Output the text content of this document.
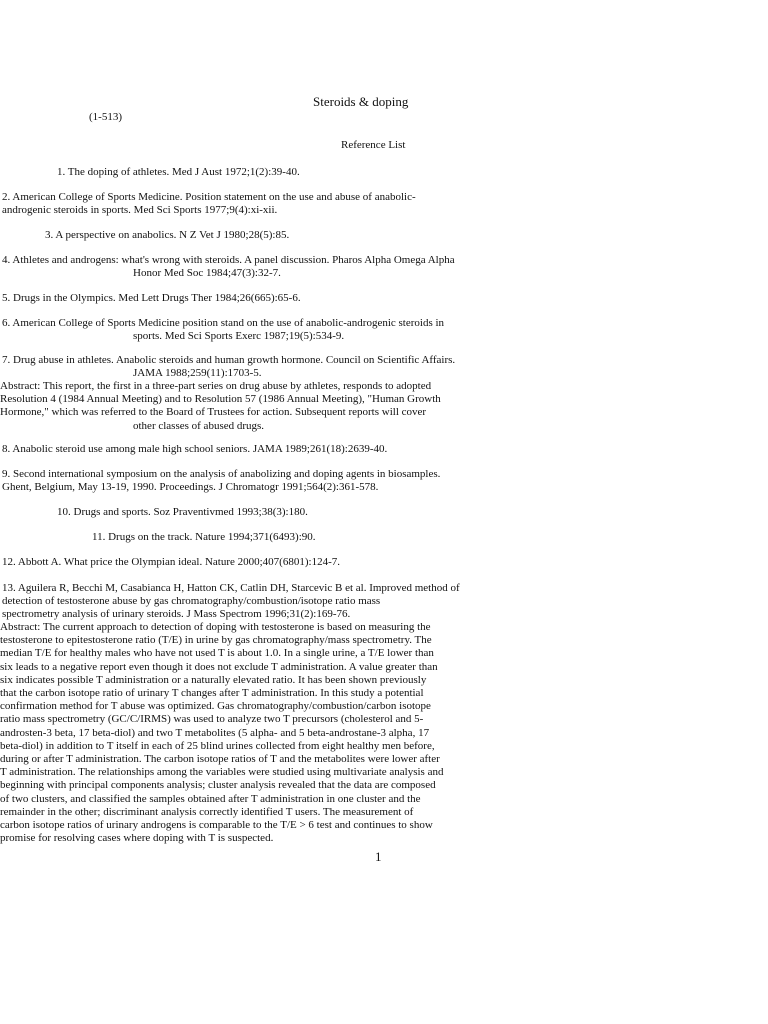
Steroids & doping
(1-513)
Reference List
1. The doping of athletes. Med J Aust 1972;1(2):39-40.
2. American College of Sports Medicine. Position statement on the use and abuse of anabolic-
androgenic steroids in sports. Med Sci Sports 1977;9(4):xi-xii.
3. A perspective on anabolics. N Z Vet J 1980;28(5):85.
4. Athletes and androgens: what's wrong with steroids. A panel discussion. Pharos Alpha Omega Alpha
Honor Med Soc 1984;47(3):32-7.
5. Drugs in the Olympics. Med Lett Drugs Ther 1984;26(665):65-6.
6. American College of Sports Medicine position stand on the use of anabolic-androgenic steroids in
sports. Med Sci Sports Exerc 1987;19(5):534-9.
7. Drug abuse in athletes. Anabolic steroids and human growth hormone. Council on Scientific Affairs.
JAMA 1988;259(11):1703-5.
Abstract: This report, the first in a three-part series on drug abuse by athletes, responds to adopted
Resolution 4 (1984 Annual Meeting) and to Resolution 57 (1986 Annual Meeting), "Human Growth
Hormone," which was referred to the Board of Trustees for action. Subsequent reports will cover
other classes of abused drugs.
8. Anabolic steroid use among male high school seniors. JAMA 1989;261(18):2639-40.
9. Second international symposium on the analysis of anabolizing and doping agents in biosamples.
Ghent, Belgium, May 13-19, 1990. Proceedings. J Chromatogr 1991;564(2):361-578.
10. Drugs and sports. Soz Praventivmed 1993;38(3):180.
11. Drugs on the track. Nature 1994;371(6493):90.
12. Abbott A. What price the Olympian ideal. Nature 2000;407(6801):124-7.
13. Aguilera R, Becchi M, Casabianca H, Hatton CK, Catlin DH, Starcevic B et al. Improved method of
detection of testosterone abuse by gas chromatography/combustion/isotope ratio mass
spectrometry analysis of urinary steroids. J Mass Spectrom 1996;31(2):169-76.
Abstract: The current approach to detection of doping with testosterone is based on measuring the
testosterone to epitestosterone ratio (T/E) in urine by gas chromatography/mass spectrometry. The
median T/E for healthy males who have not used T is about 1.0. In a single urine, a T/E lower than
six leads to a negative report even though it does not exclude T administration. A value greater than
six indicates possible T administration or a naturally elevated ratio. It has been shown previously
that the carbon isotope ratio of urinary T changes after T administration. In this study a potential
confirmation method for T abuse was optimized. Gas chromatography/combustion/carbon isotope
ratio mass spectrometry (GC/C/IRMS) was used to analyze two T precursors (cholesterol and 5-
androsten-3 beta, 17 beta-diol) and two T metabolites (5 alpha- and 5 beta-androstane-3 alpha, 17
beta-diol) in addition to T itself in each of 25 blind urines collected from eight healthy men before,
during or after T administration. The carbon isotope ratios of T and the metabolites were lower after
T administration. The relationships among the variables were studied using multivariate analysis and
beginning with principal components analysis; cluster analysis revealed that the data are composed
of two clusters, and classified the samples obtained after T administration in one cluster and the
remainder in the other; discriminant analysis correctly identified T users. The measurement of
carbon isotope ratios of urinary androgens is comparable to the T/E > 6 test and continues to show
promise for resolving cases where doping with T is suspected.
1
